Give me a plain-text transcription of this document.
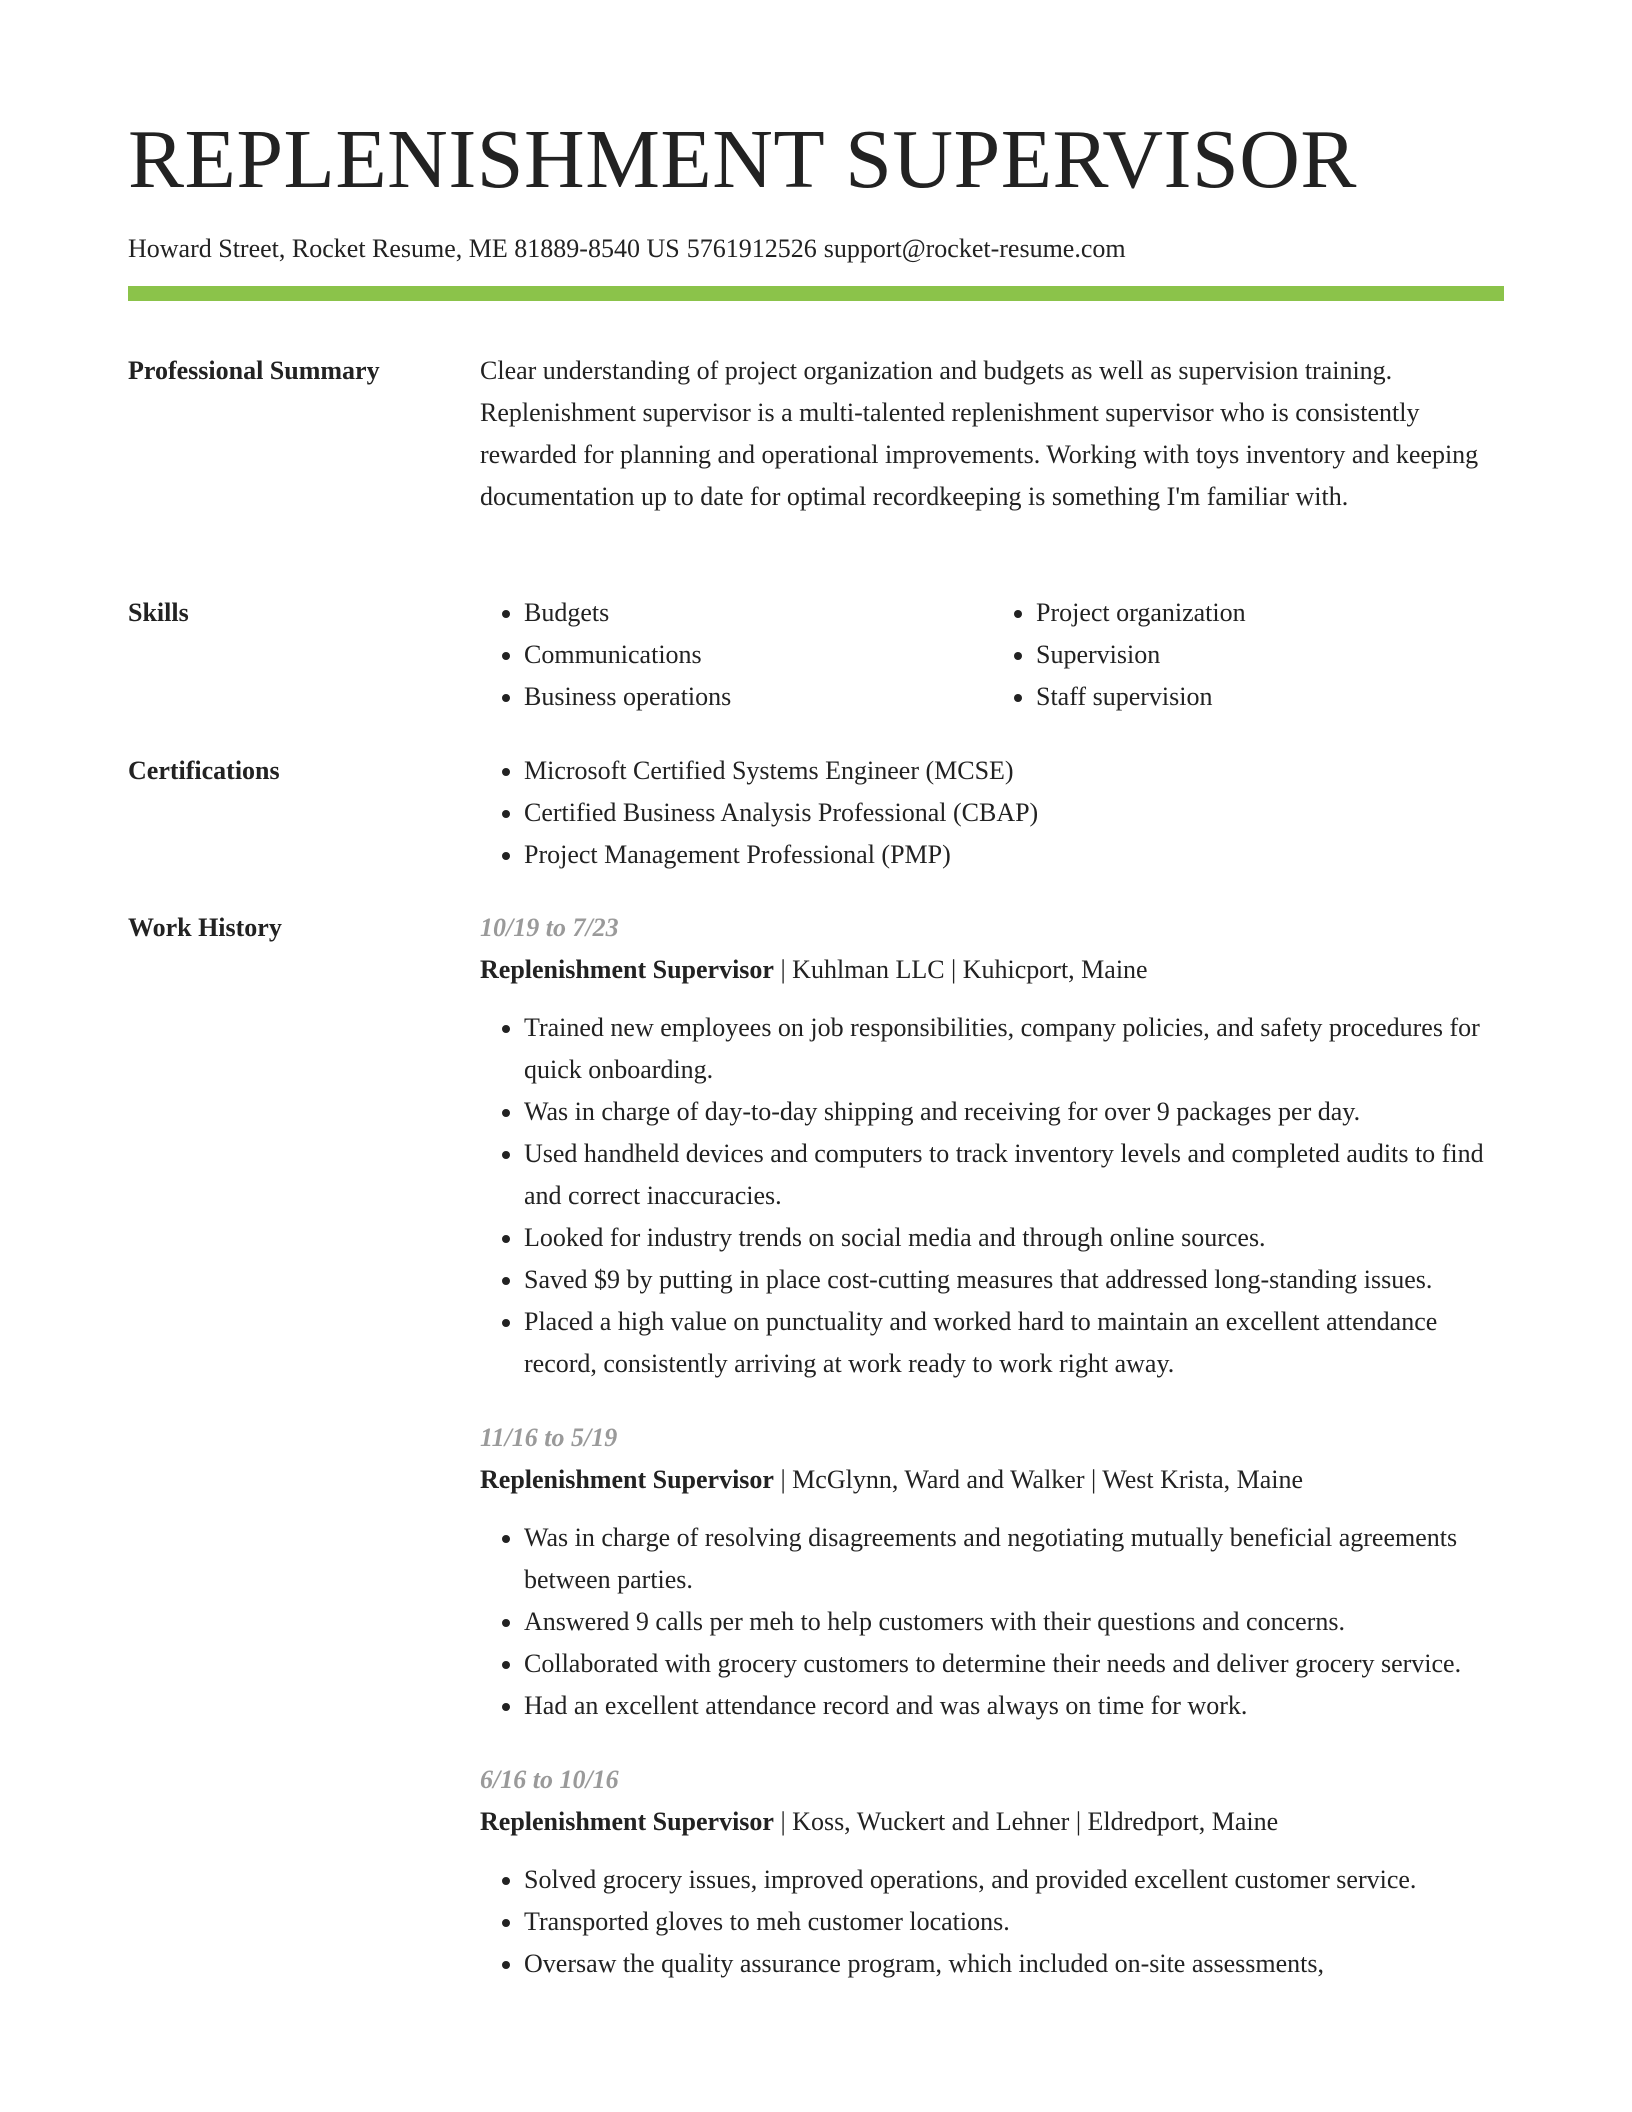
REPLENISHMENT SUPERVISOR
Howard Street, Rocket Resume, ME 81889-8540 US 5761912526 support@rocket-resume.com
Professional Summary	Clear understanding of project organization and budgets as well as supervision training. Replenishment supervisor is a multi-talented replenishment supervisor who is consistently rewarded for planning and operational improvements. Working with toys inventory and keeping documentation up to date for optimal recordkeeping is something I'm familiar with.

Skills	• Budgets
• Communications
• Business operations
• Project organization
• Supervision
• Staff supervision
Certifications	• Microsoft Certified Systems Engineer (MCSE)
• Certified Business Analysis Professional (CBAP)
• Project Management Professional (PMP)
Work History	10/19 to 7/23
Replenishment Supervisor | Kuhlman LLC | Kuhicport, Maine
• Trained new employees on job responsibilities, company policies, and safety procedures for quick onboarding.
• Was in charge of day-to-day shipping and receiving for over 9 packages per day.
• Used handheld devices and computers to track inventory levels and completed audits to find and correct inaccuracies.
• Looked for industry trends on social media and through online sources.
• Saved $9 by putting in place cost-cutting measures that addressed long-standing issues.
• Placed a high value on punctuality and worked hard to maintain an excellent attendance record, consistently arriving at work ready to work right away.
11/16 to 5/19
Replenishment Supervisor | McGlynn, Ward and Walker | West Krista, Maine
• Was in charge of resolving disagreements and negotiating mutually beneficial agreements between parties.
• Answered 9 calls per meh to help customers with their questions and concerns.
• Collaborated with grocery customers to determine their needs and deliver grocery service.
• Had an excellent attendance record and was always on time for work.
6/16 to 10/16
Replenishment Supervisor | Koss, Wuckert and Lehner | Eldredport, Maine
• Solved grocery issues, improved operations, and provided excellent customer service.
• Transported gloves to meh customer locations.
• Oversaw the quality assurance program, which included on-site assessments,
